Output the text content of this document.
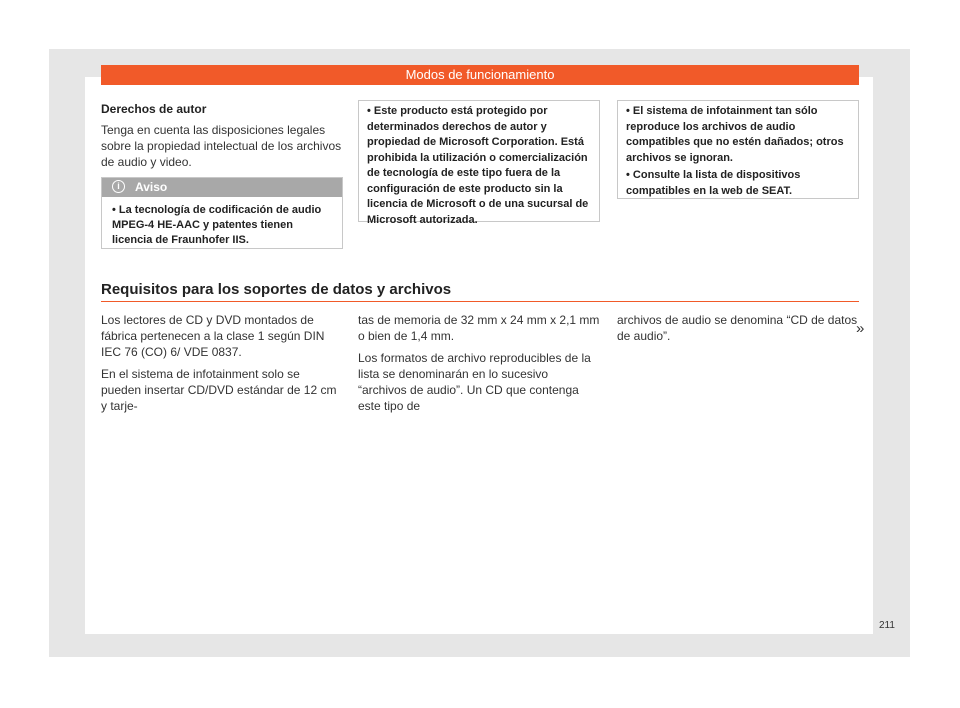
Modos de funcionamiento
Derechos de autor

Tenga en cuenta las disposiciones legales sobre la propiedad intelectual de los archivos de audio y video.

i Aviso
• La tecnología de codificación de audio MPEG-4 HE-AAC y patentes tienen licencia de Fraunhofer IIS.

• Este producto está protegido por determinados derechos de autor y propiedad de Microsoft Corporation. Está prohibida la utilización o comercialización de tecnología de este tipo fuera de la configuración de este producto sin la licencia de Microsoft o de una sucursal de Microsoft autorizada.

• El sistema de infotainment tan sólo reproduce los archivos de audio compatibles que no estén dañados; otros archivos se ignoran.

• Consulte la lista de dispositivos compatibles en la web de SEAT.

Requisitos para los soportes de datos y archivos

Los lectores de CD y DVD montados de fábrica pertenecen a la clase 1 según DIN IEC 76 (CO) 6/ VDE 0837.

En el sistema de infotainment solo se pueden insertar CD/DVD estándar de 12 cm y tarje-

tas de memoria de 32 mm x 24 mm x 2,1 mm o bien de 1,4 mm.

Los formatos de archivo reproducibles de la lista se denominarán en lo sucesivo “archivos de audio”. Un CD que contenga este tipo de

archivos de audio se denomina “CD de datos de audio”.	»
211
